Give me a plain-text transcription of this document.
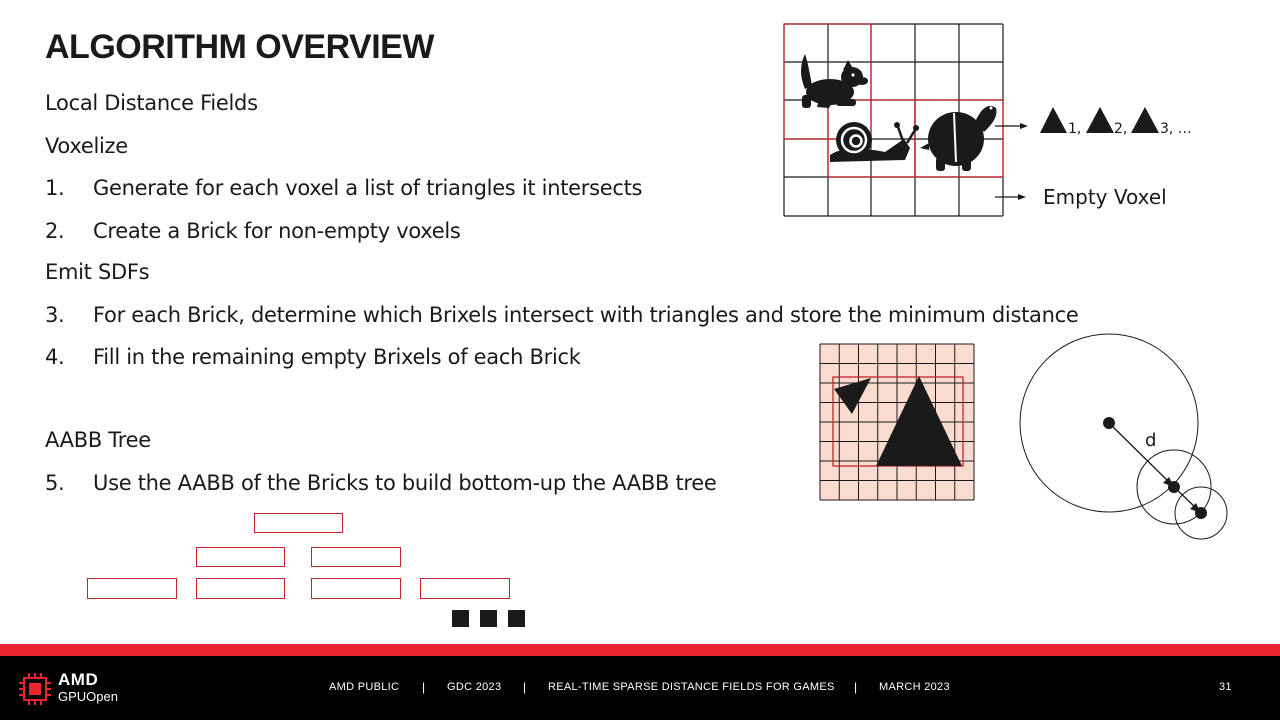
ALGORITHM OVERVIEW
Local Distance Fields
Voxelize
1. Generate for each voxel a list of triangles it intersects
2. Create a Brick for non-empty voxels
Emit SDFs
3. For each Brick, determine which Brixels intersect with triangles and store the minimum distance
4. Fill in the remaining empty Brixels of each Brick
AABB Tree
5. Use the AABB of the Bricks to build bottom-up the AABB tree
1, 2, 3, …
Empty Voxel
d
AMD
GPUOpen
AMD PUBLIC | GDC 2023 | REAL-TIME SPARSE DISTANCE FIELDS FOR GAMES | MARCH 2023	31
